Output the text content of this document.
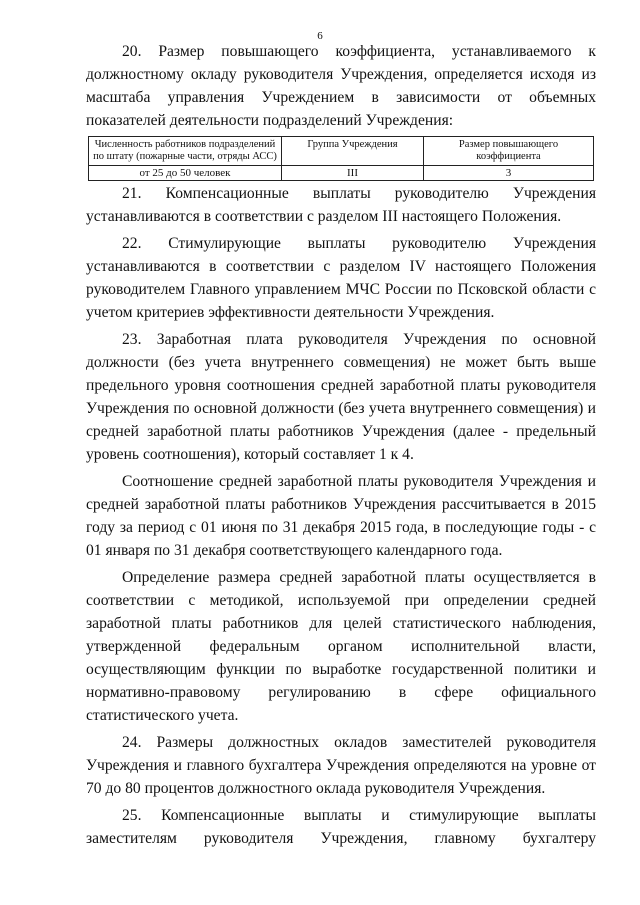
6

20. Размер повышающего коэффициента, устанавливаемого к должностному окладу руководителя Учреждения, определяется исходя из масштаба управления Учреждением в зависимости от объемных показателей деятельности подразделений Учреждения:

Численность работников подразделений по штату (пожарные части, отряды АСС)	Группа Учреждения	Размер повышающего коэффициента
от 25 до 50 человек	III	3

21. Компенсационные выплаты руководителю Учреждения устанавливаются в соответствии с разделом III настоящего Положения.

22. Стимулирующие выплаты руководителю Учреждения устанавливаются в соответствии с разделом IV настоящего Положения руководителем Главного управлением МЧС России по Псковской области с учетом критериев эффективности деятельности Учреждения.

23. Заработная плата руководителя Учреждения по основной должности (без учета внутреннего совмещения) не может быть выше предельного уровня соотношения средней заработной платы руководителя Учреждения по основной должности (без учета внутреннего совмещения) и средней заработной платы работников Учреждения (далее - предельный уровень соотношения), который составляет 1 к 4.

Соотношение средней заработной платы руководителя Учреждения и средней заработной платы работников Учреждения рассчитывается в 2015 году за период с 01 июня по 31 декабря 2015 года, в последующие годы - с 01 января по 31 декабря соответствующего календарного года.

Определение размера средней заработной платы осуществляется в соответствии с методикой, используемой при определении средней заработной платы работников для целей статистического наблюдения, утвержденной федеральным органом исполнительной власти, осуществляющим функции по выработке государственной политики и нормативно-правовому регулированию в сфере официального статистического учета.

24. Размеры должностных окладов заместителей руководителя Учреждения и главного бухгалтера Учреждения определяются на уровне от 70 до 80 процентов должностного оклада руководителя Учреждения.

25. Компенсационные выплаты и стимулирующие выплаты заместителям руководителя Учреждения, главному бухгалтеру
